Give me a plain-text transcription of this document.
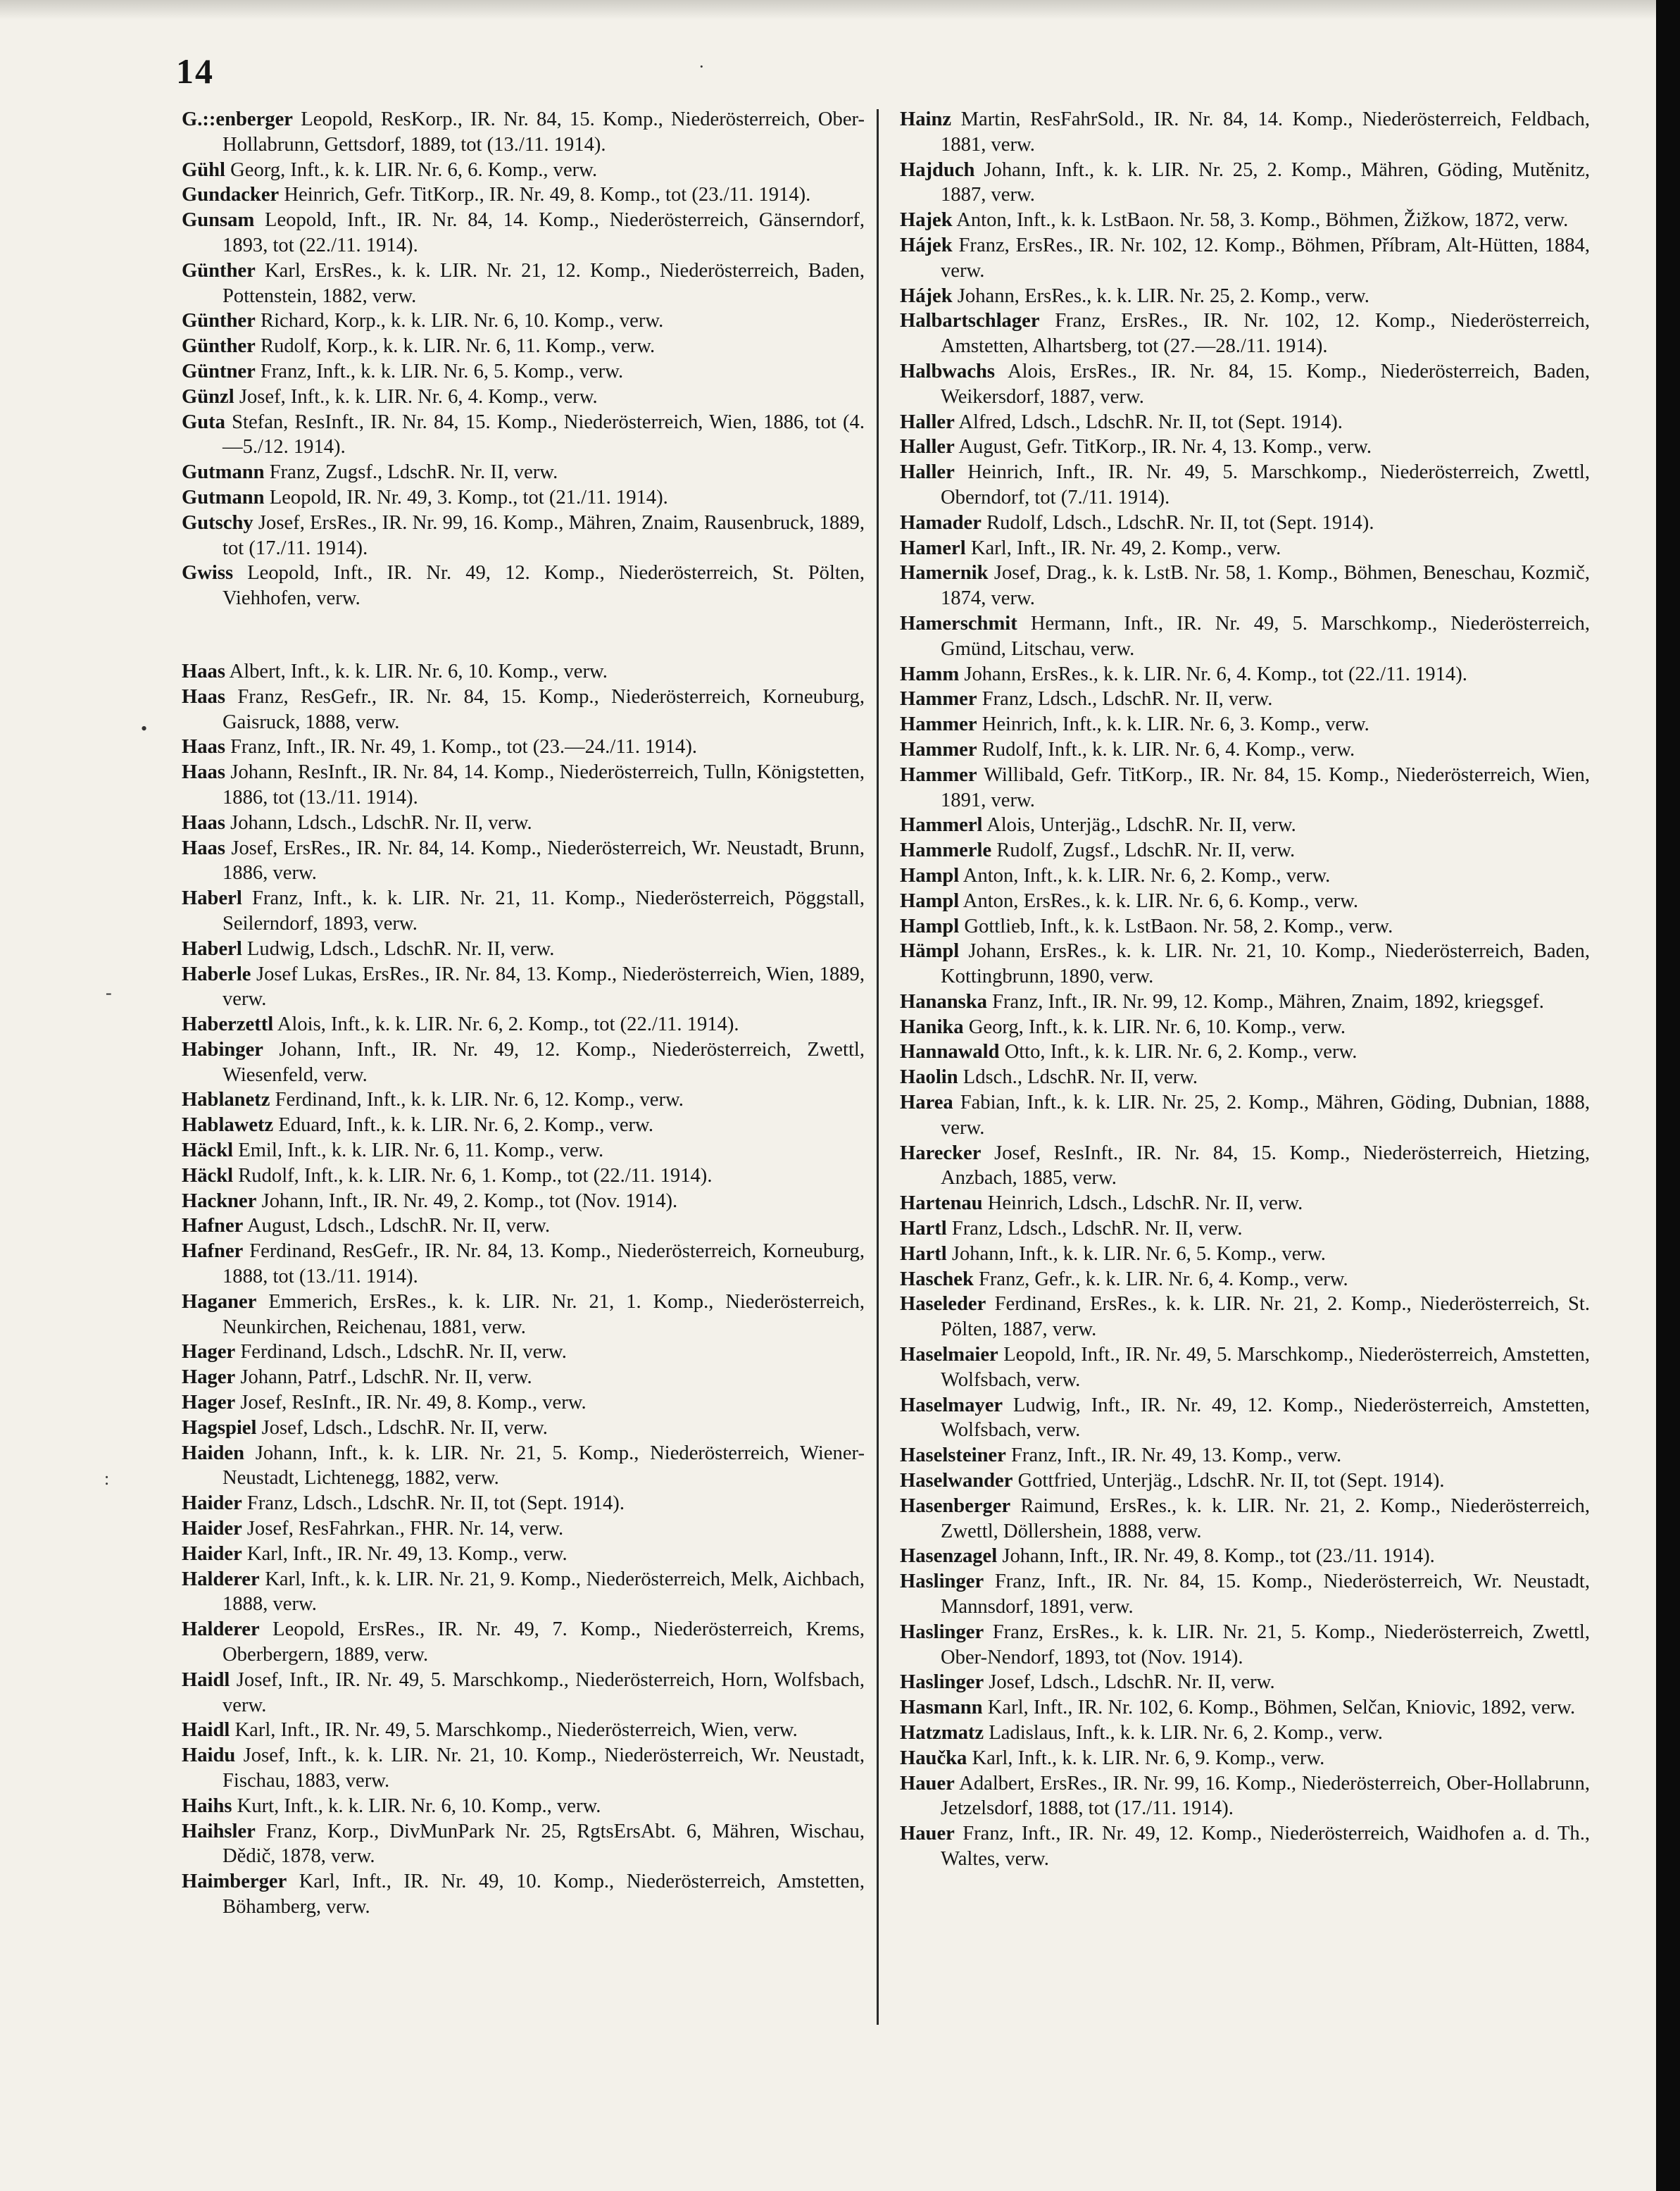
14

G.::enberger Leopold, ResKorp., IR. Nr. 84, 15. Komp., Niederösterreich, Ober-Hollabrunn, Gettsdorf, 1889, tot (13./11. 1914).

Gühl Georg, Inft., k. k. LIR. Nr. 6, 6. Komp., verw.

Gundacker Heinrich, Gefr. TitKorp., IR. Nr. 49, 8. Komp., tot (23./11. 1914).

Gunsam Leopold, Inft., IR. Nr. 84, 14. Komp., Niederösterreich, Gänserndorf, 1893, tot (22./11. 1914).

Günther Karl, ErsRes., k. k. LIR. Nr. 21, 12. Komp., Niederösterreich, Baden, Pottenstein, 1882, verw.

Günther Richard, Korp., k. k. LIR. Nr. 6, 10. Komp., verw.

Günther Rudolf, Korp., k. k. LIR. Nr. 6, 11. Komp., verw.

Güntner Franz, Inft., k. k. LIR. Nr. 6, 5. Komp., verw.

Günzl Josef, Inft., k. k. LIR. Nr. 6, 4. Komp., verw.

Guta Stefan, ResInft., IR. Nr. 84, 15. Komp., Niederösterreich, Wien, 1886, tot (4.—5./12. 1914).

Gutmann Franz, Zugsf., LdschR. Nr. II, verw.

Gutmann Leopold, IR. Nr. 49, 3. Komp., tot (21./11. 1914).

Gutschy Josef, ErsRes., IR. Nr. 99, 16. Komp., Mähren, Znaim, Rausenbruck, 1889, tot (17./11. 1914).

Gwiss Leopold, Inft., IR. Nr. 49, 12. Komp., Niederösterreich, St. Pölten, Viehhofen, verw.

Haas Albert, Inft., k. k. LIR. Nr. 6, 10. Komp., verw.

Haas Franz, ResGefr., IR. Nr. 84, 15. Komp., Niederösterreich, Korneuburg, Gaisruck, 1888, verw.

Haas Franz, Inft., IR. Nr. 49, 1. Komp., tot (23.—24./11. 1914).

Haas Johann, ResInft., IR. Nr. 84, 14. Komp., Niederösterreich, Tulln, Königstetten, 1886, tot (13./11. 1914).

Haas Johann, Ldsch., LdschR. Nr. II, verw.

Haas Josef, ErsRes., IR. Nr. 84, 14. Komp., Niederösterreich, Wr. Neustadt, Brunn, 1886, verw.

Haberl Franz, Inft., k. k. LIR. Nr. 21, 11. Komp., Niederösterreich, Pöggstall, Seilerndorf, 1893, verw.

Haberl Ludwig, Ldsch., LdschR. Nr. II, verw.

Haberle Josef Lukas, ErsRes., IR. Nr. 84, 13. Komp., Niederösterreich, Wien, 1889, verw.

Haberzettl Alois, Inft., k. k. LIR. Nr. 6, 2. Komp., tot (22./11. 1914).

Habinger Johann, Inft., IR. Nr. 49, 12. Komp., Niederösterreich, Zwettl, Wiesenfeld, verw.

Hablanetz Ferdinand, Inft., k. k. LIR. Nr. 6, 12. Komp., verw.

Hablawetz Eduard, Inft., k. k. LIR. Nr. 6, 2. Komp., verw.

Häckl Emil, Inft., k. k. LIR. Nr. 6, 11. Komp., verw.

Häckl Rudolf, Inft., k. k. LIR. Nr. 6, 1. Komp., tot (22./11. 1914).

Hackner Johann, Inft., IR. Nr. 49, 2. Komp., tot (Nov. 1914).

Hafner August, Ldsch., LdschR. Nr. II, verw.

Hafner Ferdinand, ResGefr., IR. Nr. 84, 13. Komp., Niederösterreich, Korneuburg, 1888, tot (13./11. 1914).

Haganer Emmerich, ErsRes., k. k. LIR. Nr. 21, 1. Komp., Niederösterreich, Neunkirchen, Reichenau, 1881, verw.

Hager Ferdinand, Ldsch., LdschR. Nr. II, verw.

Hager Johann, Patrf., LdschR. Nr. II, verw.

Hager Josef, ResInft., IR. Nr. 49, 8. Komp., verw.

Hagspiel Josef, Ldsch., LdschR. Nr. II, verw.

Haiden Johann, Inft., k. k. LIR. Nr. 21, 5. Komp., Niederösterreich, Wiener-Neustadt, Lichtenegg, 1882, verw.

Haider Franz, Ldsch., LdschR. Nr. II, tot (Sept. 1914).

Haider Josef, ResFahrkan., FHR. Nr. 14, verw.

Haider Karl, Inft., IR. Nr. 49, 13. Komp., verw.

Halderer Karl, Inft., k. k. LIR. Nr. 21, 9. Komp., Niederösterreich, Melk, Aichbach, 1888, verw.

Halderer Leopold, ErsRes., IR. Nr. 49, 7. Komp., Niederösterreich, Krems, Oberbergern, 1889, verw.

Haidl Josef, Inft., IR. Nr. 49, 5. Marschkomp., Niederösterreich, Horn, Wolfsbach, verw.

Haidl Karl, Inft., IR. Nr. 49, 5. Marschkomp., Niederösterreich, Wien, verw.

Haidu Josef, Inft., k. k. LIR. Nr. 21, 10. Komp., Niederösterreich, Wr. Neustadt, Fischau, 1883, verw.

Haihs Kurt, Inft., k. k. LIR. Nr. 6, 10. Komp., verw.

Haihsler Franz, Korp., DivMunPark Nr. 25, RgtsErsAbt. 6, Mähren, Wischau, Dědič, 1878, verw.

Haimberger Karl, Inft., IR. Nr. 49, 10. Komp., Niederösterreich, Amstetten, Böhamberg, verw.

Hainz Martin, ResFahrSold., IR. Nr. 84, 14. Komp., Niederösterreich, Feldbach, 1881, verw.

Hajduch Johann, Inft., k. k. LIR. Nr. 25, 2. Komp., Mähren, Göding, Mutěnitz, 1887, verw.

Hajek Anton, Inft., k. k. LstBaon. Nr. 58, 3. Komp., Böhmen, Žižkow, 1872, verw.

Hájek Franz, ErsRes., IR. Nr. 102, 12. Komp., Böhmen, Příbram, Alt-Hütten, 1884, verw.

Hájek Johann, ErsRes., k. k. LIR. Nr. 25, 2. Komp., verw.

Halbartschlager Franz, ErsRes., IR. Nr. 102, 12. Komp., Niederösterreich, Amstetten, Alhartsberg, tot (27.—28./11. 1914).

Halbwachs Alois, ErsRes., IR. Nr. 84, 15. Komp., Niederösterreich, Baden, Weikersdorf, 1887, verw.

Haller Alfred, Ldsch., LdschR. Nr. II, tot (Sept. 1914).

Haller August, Gefr. TitKorp., IR. Nr. 4, 13. Komp., verw.

Haller Heinrich, Inft., IR. Nr. 49, 5. Marschkomp., Niederösterreich, Zwettl, Oberndorf, tot (7./11. 1914).

Hamader Rudolf, Ldsch., LdschR. Nr. II, tot (Sept. 1914).

Hamerl Karl, Inft., IR. Nr. 49, 2. Komp., verw.

Hamernik Josef, Drag., k. k. LstB. Nr. 58, 1. Komp., Böhmen, Beneschau, Kozmič, 1874, verw.

Hamerschmit Hermann, Inft., IR. Nr. 49, 5. Marschkomp., Niederösterreich, Gmünd, Litschau, verw.

Hamm Johann, ErsRes., k. k. LIR. Nr. 6, 4. Komp., tot (22./11. 1914).

Hammer Franz, Ldsch., LdschR. Nr. II, verw.

Hammer Heinrich, Inft., k. k. LIR. Nr. 6, 3. Komp., verw.

Hammer Rudolf, Inft., k. k. LIR. Nr. 6, 4. Komp., verw.

Hammer Willibald, Gefr. TitKorp., IR. Nr. 84, 15. Komp., Niederösterreich, Wien, 1891, verw.

Hammerl Alois, Unterjäg., LdschR. Nr. II, verw.

Hammerle Rudolf, Zugsf., LdschR. Nr. II, verw.

Hampl Anton, Inft., k. k. LIR. Nr. 6, 2. Komp., verw.

Hampl Anton, ErsRes., k. k. LIR. Nr. 6, 6. Komp., verw.

Hampl Gottlieb, Inft., k. k. LstBaon. Nr. 58, 2. Komp., verw.

Hämpl Johann, ErsRes., k. k. LIR. Nr. 21, 10. Komp., Niederösterreich, Baden, Kottingbrunn, 1890, verw.

Hananska Franz, Inft., IR. Nr. 99, 12. Komp., Mähren, Znaim, 1892, kriegsgef.

Hanika Georg, Inft., k. k. LIR. Nr. 6, 10. Komp., verw.

Hannawald Otto, Inft., k. k. LIR. Nr. 6, 2. Komp., verw.

Haolin Ldsch., LdschR. Nr. II, verw.

Harea Fabian, Inft., k. k. LIR. Nr. 25, 2. Komp., Mähren, Göding, Dubnian, 1888, verw.

Harecker Josef, ResInft., IR. Nr. 84, 15. Komp., Niederösterreich, Hietzing, Anzbach, 1885, verw.

Hartenau Heinrich, Ldsch., LdschR. Nr. II, verw.

Hartl Franz, Ldsch., LdschR. Nr. II, verw.

Hartl Johann, Inft., k. k. LIR. Nr. 6, 5. Komp., verw.

Haschek Franz, Gefr., k. k. LIR. Nr. 6, 4. Komp., verw.

Haseleder Ferdinand, ErsRes., k. k. LIR. Nr. 21, 2. Komp., Niederösterreich, St. Pölten, 1887, verw.

Haselmaier Leopold, Inft., IR. Nr. 49, 5. Marschkomp., Niederösterreich, Amstetten, Wolfsbach, verw.

Haselmayer Ludwig, Inft., IR. Nr. 49, 12. Komp., Niederösterreich, Amstetten, Wolfsbach, verw.

Haselsteiner Franz, Inft., IR. Nr. 49, 13. Komp., verw.

Haselwander Gottfried, Unterjäg., LdschR. Nr. II, tot (Sept. 1914).

Hasenberger Raimund, ErsRes., k. k. LIR. Nr. 21, 2. Komp., Niederösterreich, Zwettl, Döllershein, 1888, verw.

Hasenzagel Johann, Inft., IR. Nr. 49, 8. Komp., tot (23./11. 1914).

Haslinger Franz, Inft., IR. Nr. 84, 15. Komp., Niederösterreich, Wr. Neustadt, Mannsdorf, 1891, verw.

Haslinger Franz, ErsRes., k. k. LIR. Nr. 21, 5. Komp., Niederösterreich, Zwettl, Ober-Nendorf, 1893, tot (Nov. 1914).

Haslinger Josef, Ldsch., LdschR. Nr. II, verw.

Hasmann Karl, Inft., IR. Nr. 102, 6. Komp., Böhmen, Selčan, Kniovic, 1892, verw.

Hatzmatz Ladislaus, Inft., k. k. LIR. Nr. 6, 2. Komp., verw.

Haučka Karl, Inft., k. k. LIR. Nr. 6, 9. Komp., verw.

Hauer Adalbert, ErsRes., IR. Nr. 99, 16. Komp., Niederösterreich, Ober-Hollabrunn, Jetzelsdorf, 1888, tot (17./11. 1914).

Hauer Franz, Inft., IR. Nr. 49, 12. Komp., Niederösterreich, Waidhofen a. d. Th., Waltes, verw.

•
·
-
:
